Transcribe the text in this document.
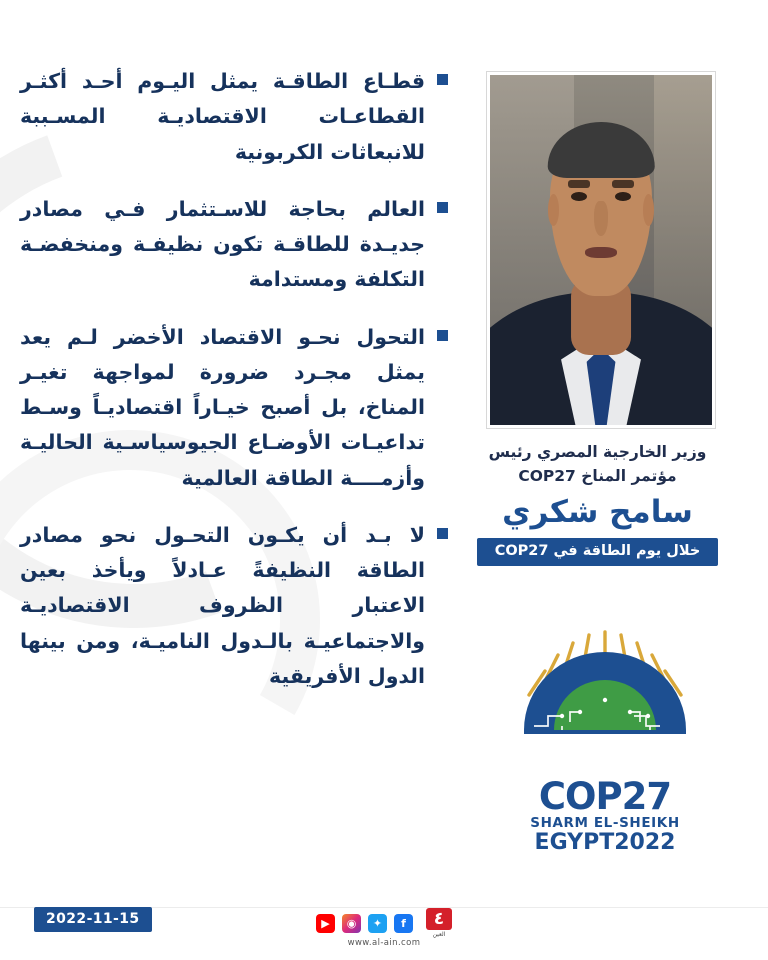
قطـاع الطاقـة يمثل اليـوم أحـد أكثـر القطاعـات الاقتصاديـة المسـببة للانبعاثات الكربونية
العالم بحاجة للاسـتثمار فـي مصادر جديـدة للطاقـة تكون نظيفـة ومنخفضـة التكلفة ومستدامة
التحول نحـو الاقتصاد الأخضر لـم يعد يمثل مجـرد ضرورة لمواجهة تغيـر المناخ، بل أصبح خيـاراً اقتصاديـاً وسـط تداعيـات الأوضـاع الجيوسياسـية الحاليـة وأزمــــة الطاقة العالمية
لا بـد أن يكـون التحـول نحو مصادر الطاقة النظيفةً عـادلاً ويأخذ بعين الاعتبار الظروف الاقتصاديـة والاجتماعيـة بالـدول الناميـة، ومن بينها الدول الأفريقية
وزير الخارجية المصري رئيس
مؤتمر المناخ COP27
سامح شكري
خلال يوم الطاقة في COP27
COP27
SHARM EL-SHEIKH
EGYPT2022
2022-11-15	▶	◉	✦	f	٤
العين
www.al-ain.com
